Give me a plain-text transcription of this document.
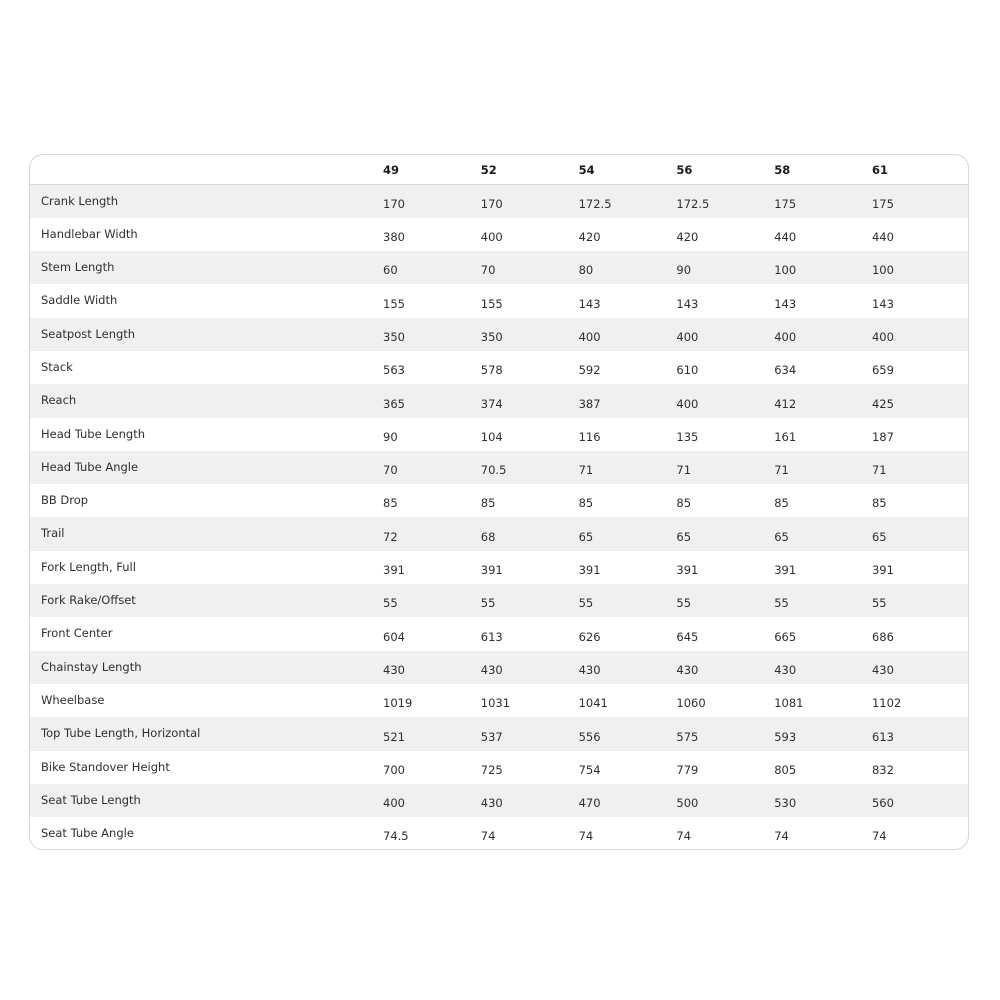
	49	52	54	56	58	61
Crank Length	170	170	172.5	172.5	175	175
Handlebar Width	380	400	420	420	440	440
Stem Length	60	70	80	90	100	100
Saddle Width	155	155	143	143	143	143
Seatpost Length	350	350	400	400	400	400
Stack	563	578	592	610	634	659
Reach	365	374	387	400	412	425
Head Tube Length	90	104	116	135	161	187
Head Tube Angle	70	70.5	71	71	71	71
BB Drop	85	85	85	85	85	85
Trail	72	68	65	65	65	65
Fork Length, Full	391	391	391	391	391	391
Fork Rake/Offset	55	55	55	55	55	55
Front Center	604	613	626	645	665	686
Chainstay Length	430	430	430	430	430	430
Wheelbase	1019	1031	1041	1060	1081	1102
Top Tube Length, Horizontal	521	537	556	575	593	613
Bike Standover Height	700	725	754	779	805	832
Seat Tube Length	400	430	470	500	530	560
Seat Tube Angle	74.5	74	74	74	74	74
